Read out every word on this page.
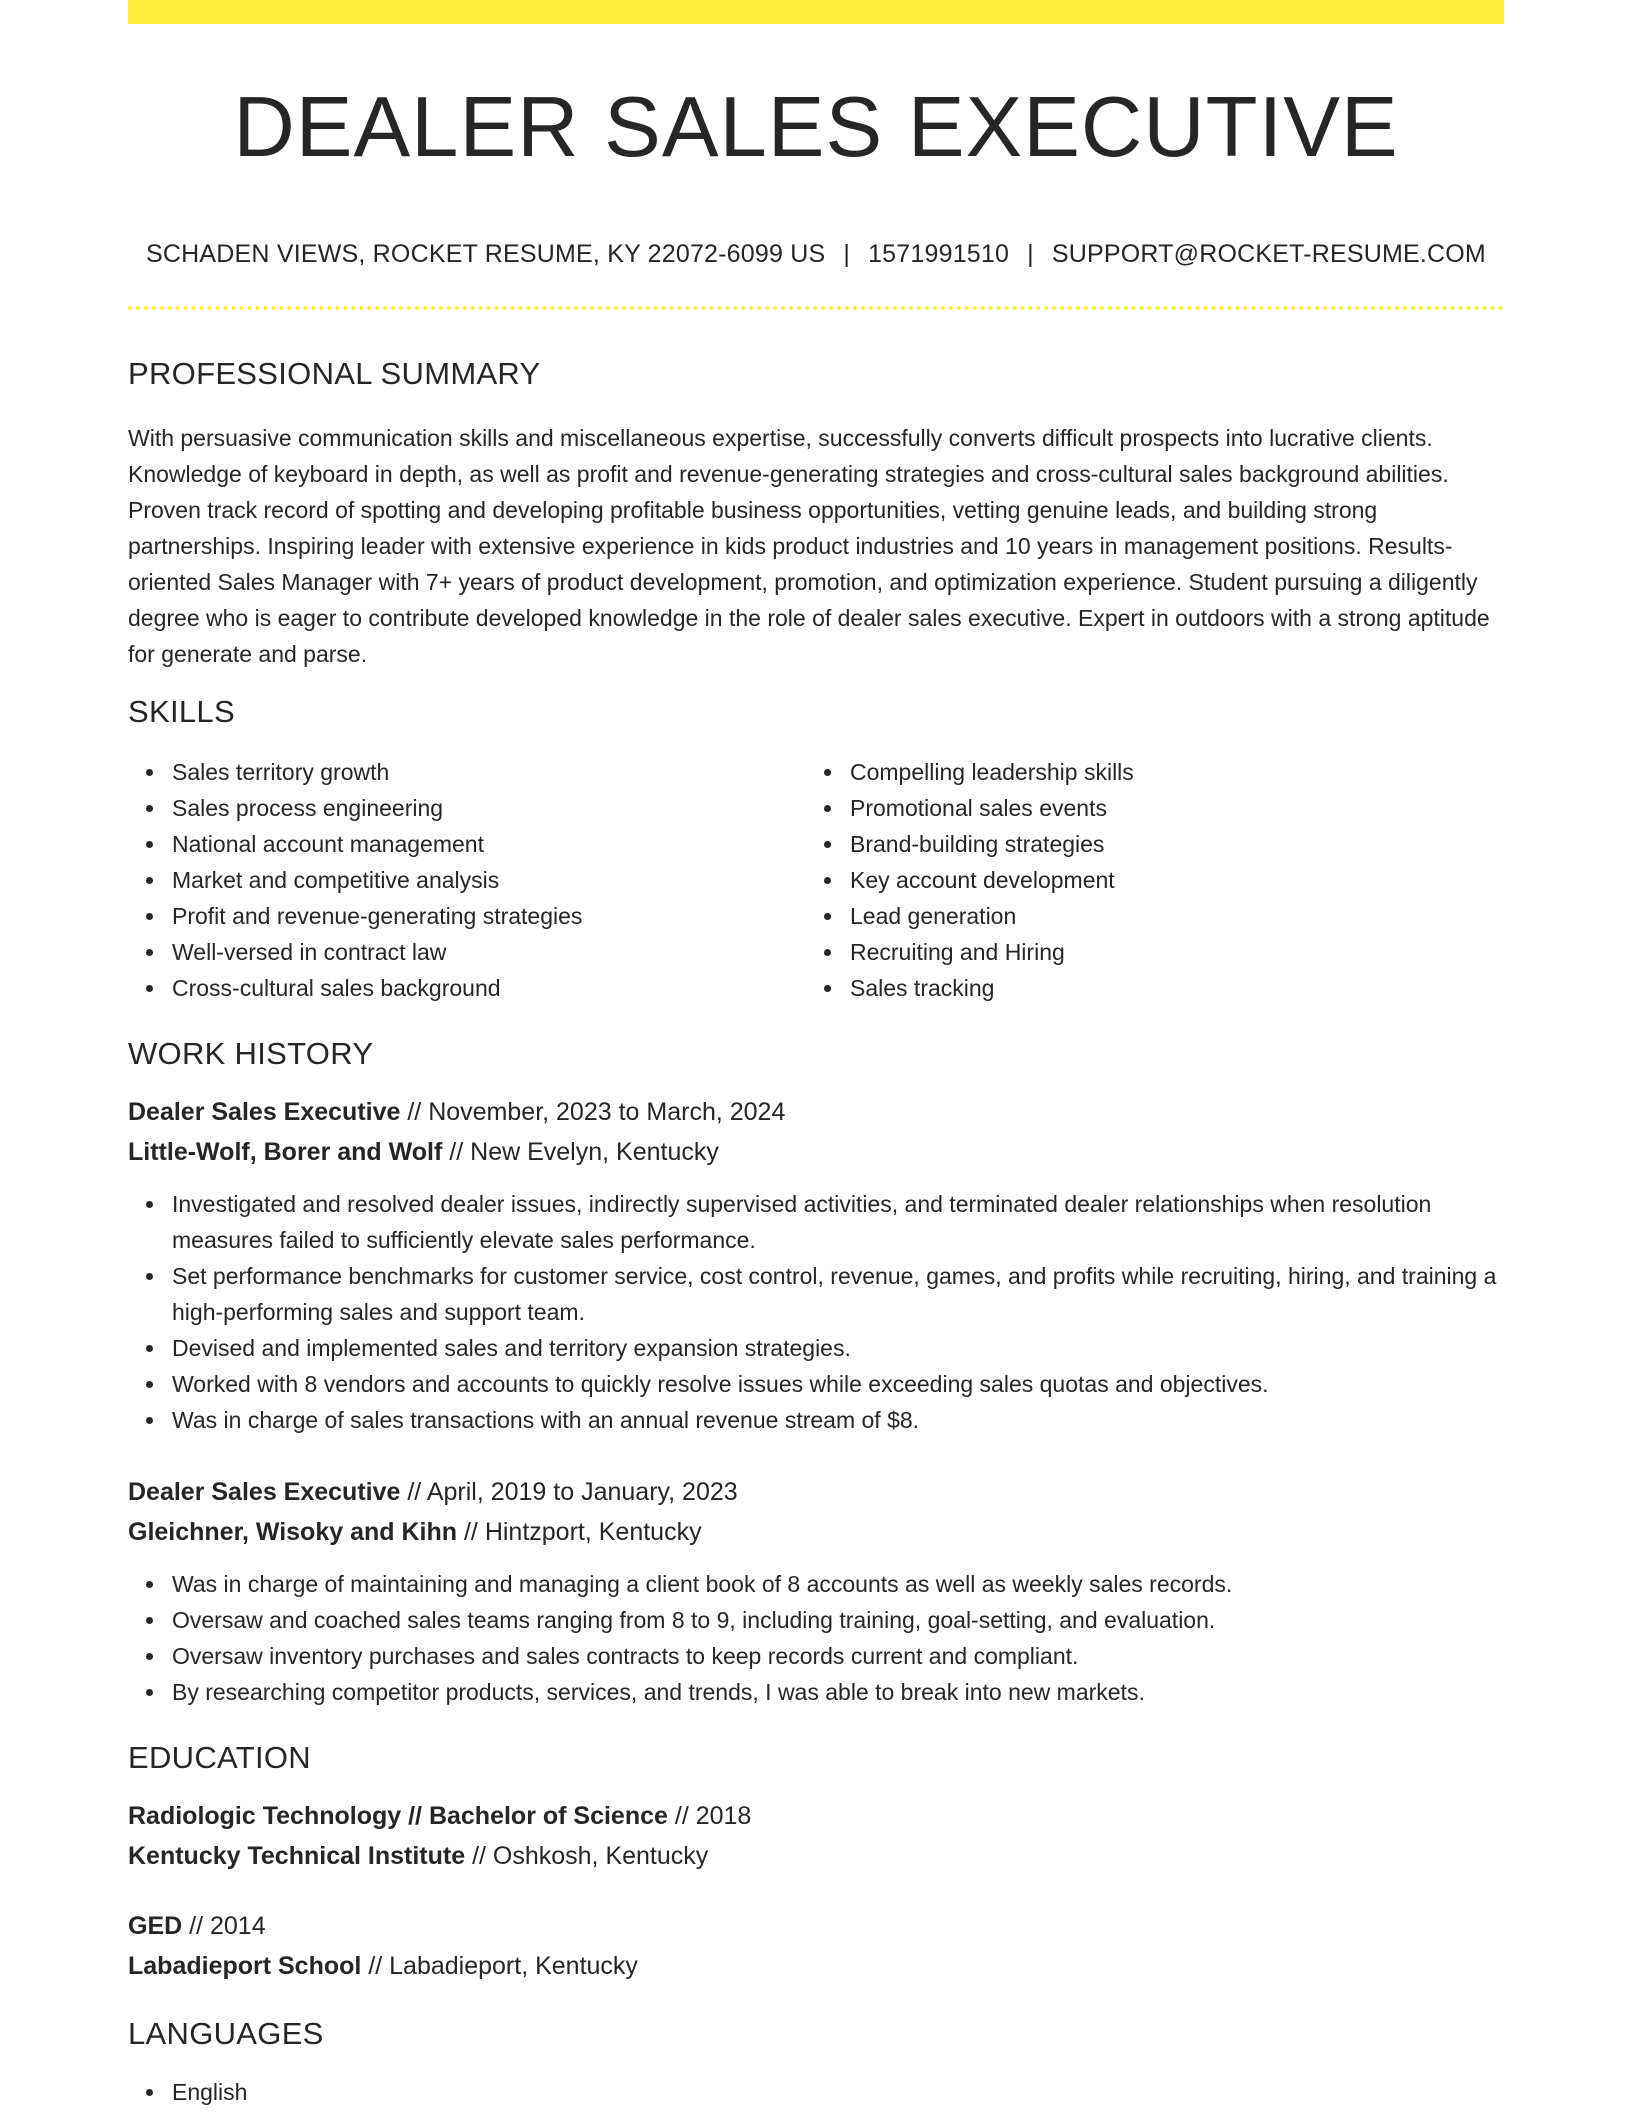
DEALER SALES EXECUTIVE
SCHADEN VIEWS, ROCKET RESUME, KY 22072-6099 US | 1571991510 | SUPPORT@ROCKET-RESUME.COM
PROFESSIONAL SUMMARY

With persuasive communication skills and miscellaneous expertise, successfully converts difficult prospects into lucrative clients. Knowledge of keyboard in depth, as well as profit and revenue-generating strategies and cross-cultural sales background abilities. Proven track record of spotting and developing profitable business opportunities, vetting genuine leads, and building strong partnerships. Inspiring leader with extensive experience in kids product industries and 10 years in management positions. Results-oriented Sales Manager with 7+ years of product development, promotion, and optimization experience. Student pursuing a diligently degree who is eager to contribute developed knowledge in the role of dealer sales executive. Expert in outdoors with a strong aptitude for generate and parse.

SKILLS
Sales territory growth
Sales process engineering
National account management
Market and competitive analysis
Profit and revenue-generating strategies
Well-versed in contract law
Cross-cultural sales background
Compelling leadership skills
Promotional sales events
Brand-building strategies
Key account development
Lead generation
Recruiting and Hiring
Sales tracking
WORK HISTORY
Dealer Sales Executive // November, 2023 to March, 2024
Little-Wolf, Borer and Wolf // New Evelyn, Kentucky
Investigated and resolved dealer issues, indirectly supervised activities, and terminated dealer relationships when resolution measures failed to sufficiently elevate sales performance.
Set performance benchmarks for customer service, cost control, revenue, games, and profits while recruiting, hiring, and training a high-performing sales and support team.
Devised and implemented sales and territory expansion strategies.
Worked with 8 vendors and accounts to quickly resolve issues while exceeding sales quotas and objectives.
Was in charge of sales transactions with an annual revenue stream of $8.
Dealer Sales Executive // April, 2019 to January, 2023
Gleichner, Wisoky and Kihn // Hintzport, Kentucky
Was in charge of maintaining and managing a client book of 8 accounts as well as weekly sales records.
Oversaw and coached sales teams ranging from 8 to 9, including training, goal-setting, and evaluation.
Oversaw inventory purchases and sales contracts to keep records current and compliant.
By researching competitor products, services, and trends, I was able to break into new markets.
EDUCATION
Radiologic Technology // Bachelor of Science // 2018
Kentucky Technical Institute // Oshkosh, Kentucky
GED // 2014
Labadieport School // Labadieport, Kentucky
LANGUAGES
English
